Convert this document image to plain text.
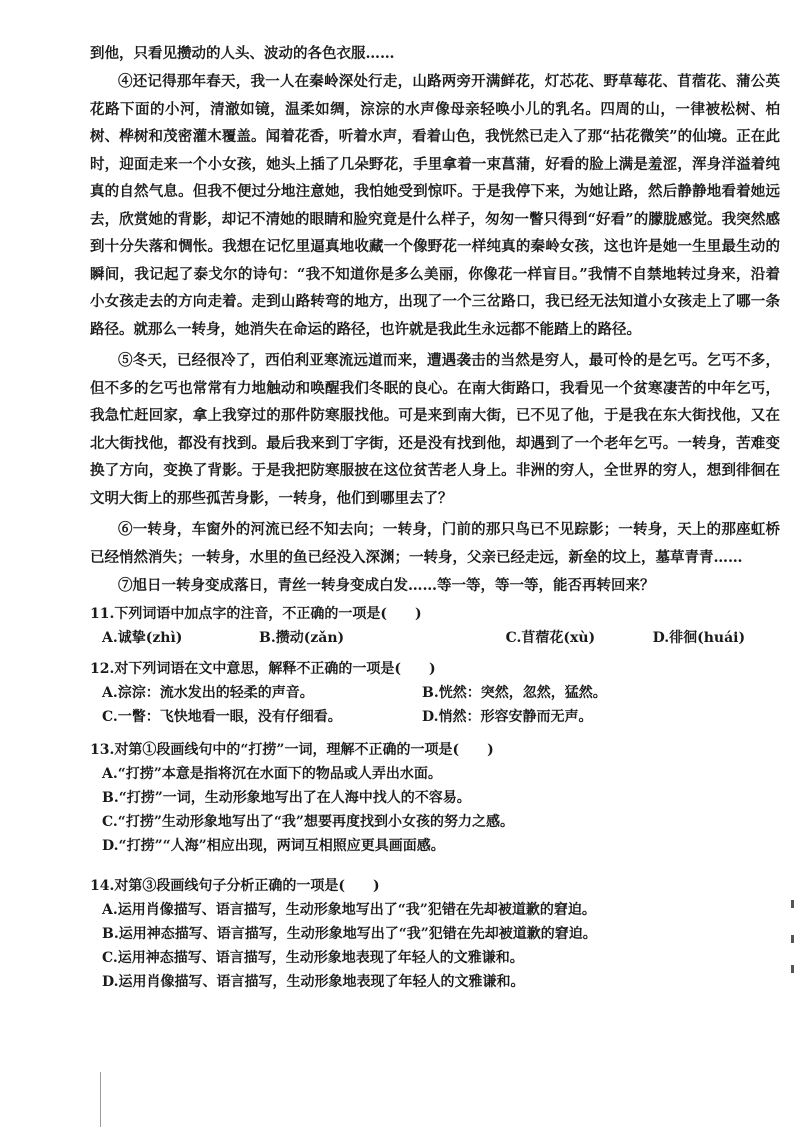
到他，只看见攒动的人头、波动的各色衣服……
④还记得那年春天，我一人在秦岭深处行走，山路两旁开满鲜花，灯芯花、野草莓花、苜蓿花、蒲公英花路下面的小河，清澈如镜，温柔如绸，淙淙的水声像母亲轻唤小儿的乳名。四周的山，一律被松树、柏树、桦树和茂密灌木覆盖。闻着花香，听着水声，看着山色，我恍然已走入了那“拈花微笑”的仙境。正在此时，迎面走来一个小女孩，她头上插了几朵野花，手里拿着一束菖蒲，好看的脸上满是羞涩，浑身洋溢着纯真的自然气息。但我不便过分地注意她，我怕她受到惊吓。于是我停下来，为她让路，然后静静地看着她远去，欣赏她的背影，却记不清她的眼睛和脸究竟是什么样子，匆匆一瞥只得到“好看”的朦胧感觉。我突然感到十分失落和惆怅。我想在记忆里逼真地收藏一个像野花一样纯真的秦岭女孩，这也许是她一生里最生动的瞬间，我记起了泰戈尔的诗句：“我不知道你是多么美丽，你像花一样盲目。”我情不自禁地转过身来，沿着小女孩走去的方向走着。走到山路转弯的地方，出现了一个三岔路口，我已经无法知道小女孩走上了哪一条路径。就那么一转身，她消失在命运的路径，也许就是我此生永远都不能踏上的路径。
⑤冬天，已经很冷了，西伯利亚寒流远道而来，遭遇袭击的当然是穷人，最可怜的是乞丐。乞丐不多，但不多的乞丐也常常有力地触动和唤醒我们冬眠的良心。在南大街路口，我看见一个贫寒凄苦的中年乞丐，我急忙赶回家，拿上我穿过的那件防寒服找他。可是来到南大街，已不见了他，于是我在东大街找他，又在北大街找他，都没有找到。最后我来到丁字街，还是没有找到他，却遇到了一个老年乞丐。一转身，苦难变换了方向，变换了背影。于是我把防寒服披在这位贫苦老人身上。非洲的穷人，全世界的穷人，想到徘徊在文明大街上的那些孤苦身影，一转身，他们到哪里去了？
⑥一转身，车窗外的河流已经不知去向；一转身，门前的那只鸟已不见踪影；一转身，天上的那座虹桥已经悄然消失；一转身，水里的鱼已经没入深渊；一转身，父亲已经走远，新垒的坟上，墓草青青……
⑦旭日一转身变成落日，青丝一转身变成白发……等一等，等一等，能否再转回来？
11.下列词语中加点字的注音，不正确的一项是(　　)
A.诚挚(zhì)	B.攒动(zǎn)	C.苜蓿花(xù)	D.徘徊(huái)
12.对下列词语在文中意思，解释不正确的一项是(　　)
A.淙淙：流水发出的轻柔的声音。	B.恍然：突然，忽然，猛然。
C.一瞥：飞快地看一眼，没有仔细看。	D.悄然：形容安静而无声。
13.对第①段画线句中的“打捞”一词，理解不正确的一项是(　　)
A.“打捞”本意是指将沉在水面下的物品或人弄出水面。
B.“打捞”一词，生动形象地写出了在人海中找人的不容易。
C.“打捞”生动形象地写出了“我”想要再度找到小女孩的努力之感。
D.“打捞”“人海”相应出现，两词互相照应更具画面感。
14.对第③段画线句子分析正确的一项是(　　)
A.运用肖像描写、语言描写，生动形象地写出了“我”犯错在先却被道歉的窘迫。
B.运用神态描写、语言描写，生动形象地写出了“我”犯错在先却被道歉的窘迫。
C.运用神态描写、语言描写，生动形象地表现了年轻人的文雅谦和。
D.运用肖像描写、语言描写，生动形象地表现了年轻人的文雅谦和。
